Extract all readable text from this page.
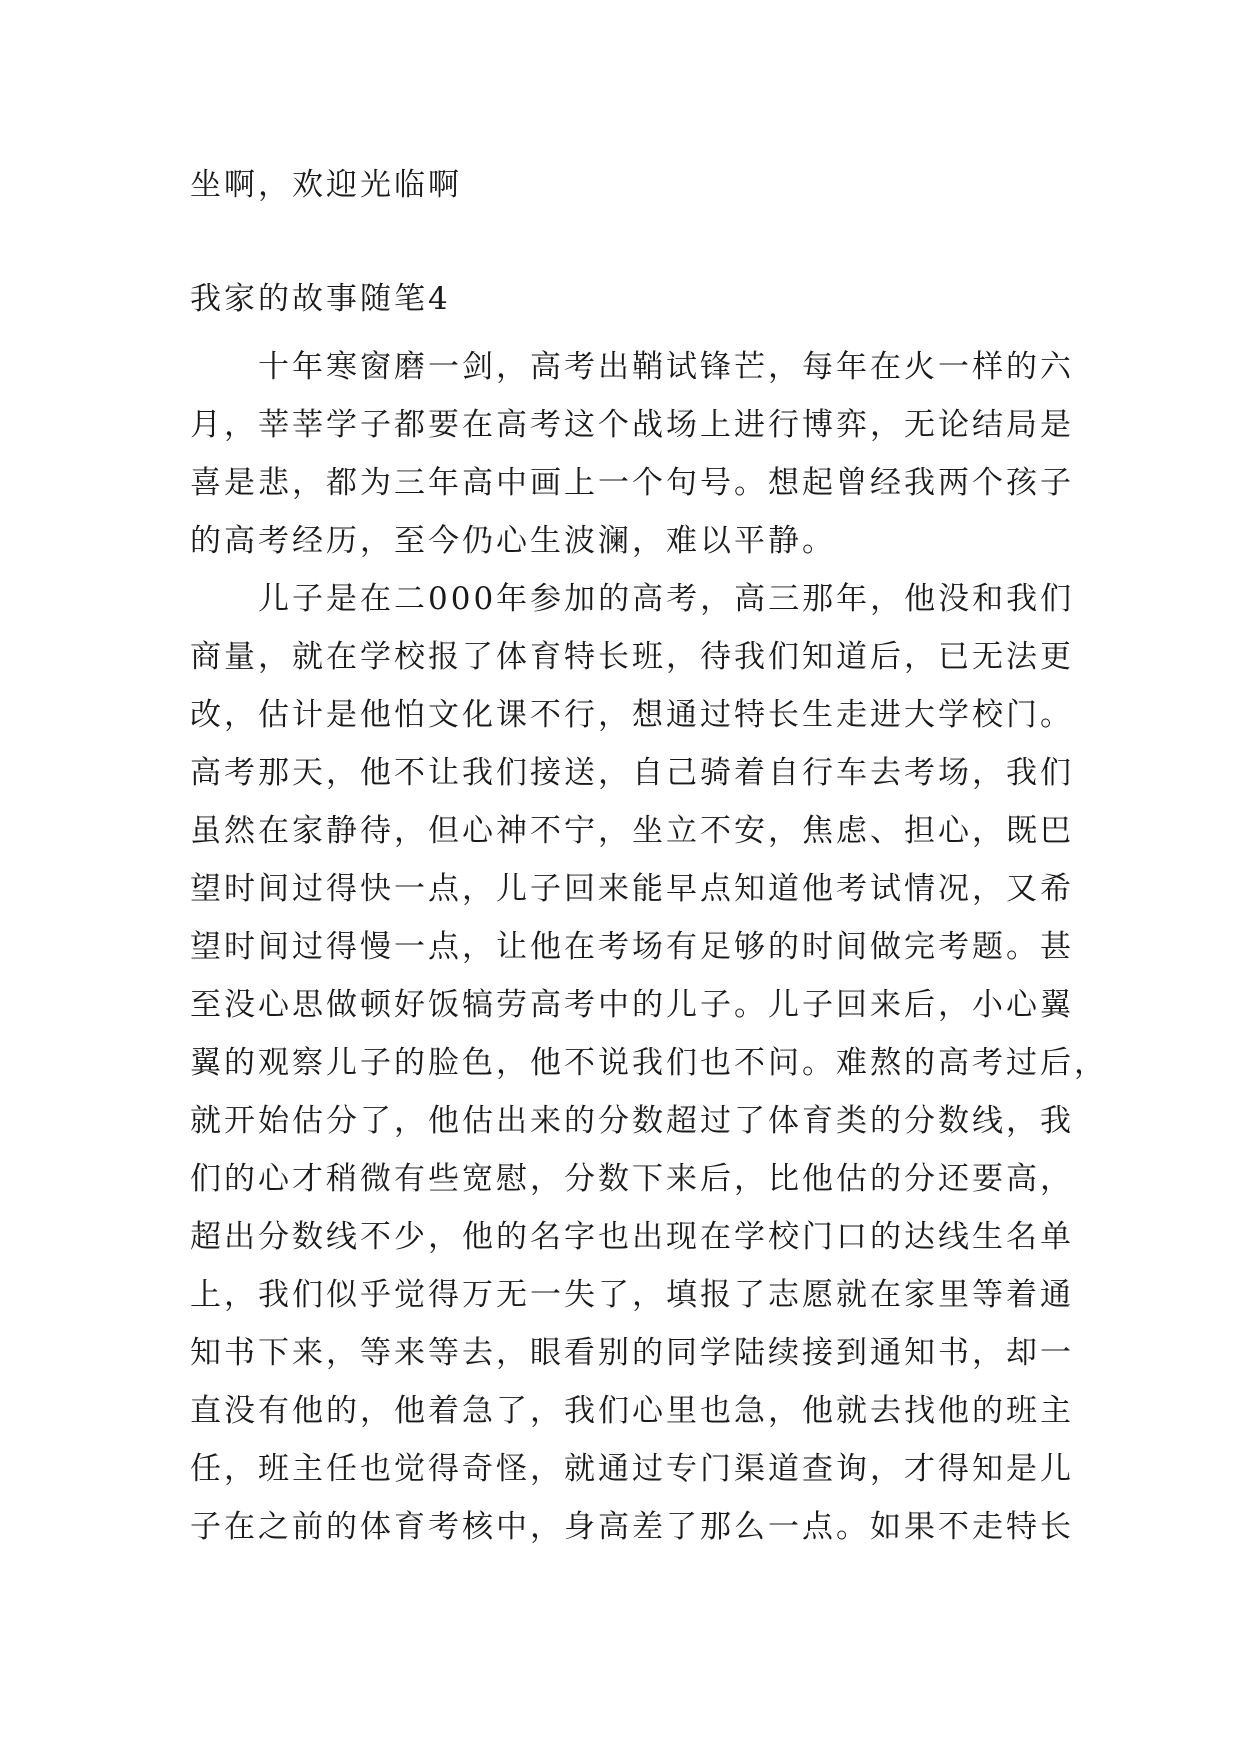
坐啊，欢迎光临啊

我家的故事随笔4

十年寒窗磨一剑，高考出鞘试锋芒，每年在火一样的六
月，莘莘学子都要在高考这个战场上进行博弈，无论结局是
喜是悲，都为三年高中画上一个句号。想起曾经我两个孩子
的高考经历，至今仍心生波澜，难以平静。
儿子是在二000年参加的高考，高三那年，他没和我们
商量，就在学校报了体育特长班，待我们知道后，已无法更
改，估计是他怕文化课不行，想通过特长生走进大学校门。
高考那天，他不让我们接送，自己骑着自行车去考场，我们
虽然在家静待，但心神不宁，坐立不安，焦虑、担心，既巴
望时间过得快一点，儿子回来能早点知道他考试情况，又希
望时间过得慢一点，让他在考场有足够的时间做完考题。甚
至没心思做顿好饭犒劳高考中的儿子。儿子回来后，小心翼
翼的观察儿子的脸色，他不说我们也不问。难熬的高考过后，
就开始估分了，他估出来的分数超过了体育类的分数线，我
们的心才稍微有些宽慰，分数下来后，比他估的分还要高，
超出分数线不少，他的名字也出现在学校门口的达线生名单
上，我们似乎觉得万无一失了，填报了志愿就在家里等着通
知书下来，等来等去，眼看别的同学陆续接到通知书，却一
直没有他的，他着急了，我们心里也急，他就去找他的班主
任，班主任也觉得奇怪，就通过专门渠道查询，才得知是儿
子在之前的体育考核中，身高差了那么一点。如果不走特长
